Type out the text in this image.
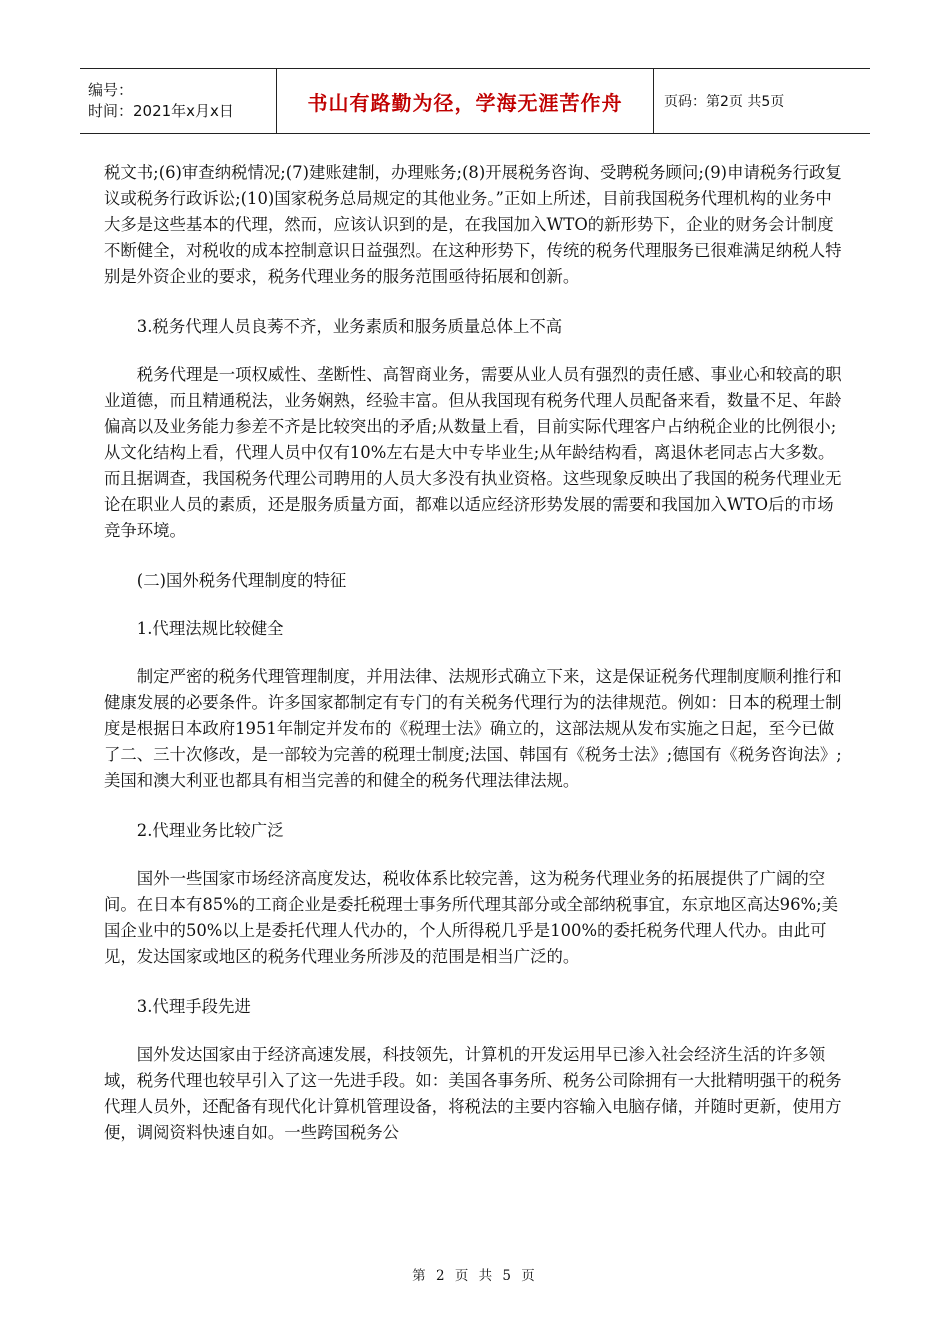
编号：
时间：2021年x月x日	书山有路勤为径，学海无涯苦作舟	页码：第2页 共5页

税文书;(6)审查纳税情况;(7)建账建制，办理账务;(8)开展税务咨询、受聘税务顾问;(9)申请税务行政复议或税务行政诉讼;(10)国家税务总局规定的其他业务。”正如上所述，目前我国税务代理机构的业务中大多是这些基本的代理，然而，应该认识到的是，在我国加入WTO的新形势下，企业的财务会计制度不断健全，对税收的成本控制意识日益强烈。在这种形势下，传统的税务代理服务已很难满足纳税人特别是外资企业的要求，税务代理业务的服务范围亟待拓展和创新。

3.税务代理人员良莠不齐，业务素质和服务质量总体上不高

税务代理是一项权威性、垄断性、高智商业务，需要从业人员有强烈的责任感、事业心和较高的职业道德，而且精通税法，业务娴熟，经验丰富。但从我国现有税务代理人员配备来看，数量不足、年龄偏高以及业务能力参差不齐是比较突出的矛盾;从数量上看，目前实际代理客户占纳税企业的比例很小;从文化结构上看，代理人员中仅有10%左右是大中专毕业生;从年龄结构看，离退休老同志占大多数。而且据调查，我国税务代理公司聘用的人员大多没有执业资格。这些现象反映出了我国的税务代理业无论在职业人员的素质，还是服务质量方面，都难以适应经济形势发展的需要和我国加入WTO后的市场竞争环境。

(二)国外税务代理制度的特征

1.代理法规比较健全

制定严密的税务代理管理制度，并用法律、法规形式确立下来，这是保证税务代理制度顺利推行和健康发展的必要条件。许多国家都制定有专门的有关税务代理行为的法律规范。例如：日本的税理士制度是根据日本政府1951年制定并发布的《税理士法》确立的，这部法规从发布实施之日起，至今已做了二、三十次修改，是一部较为完善的税理士制度;法国、韩国有《税务士法》;德国有《税务咨询法》;美国和澳大利亚也都具有相当完善的和健全的税务代理法律法规。

2.代理业务比较广泛

国外一些国家市场经济高度发达，税收体系比较完善，这为税务代理业务的拓展提供了广阔的空间。在日本有85%的工商企业是委托税理士事务所代理其部分或全部纳税事宜，东京地区高达96%;美国企业中的50%以上是委托代理人代办的，个人所得税几乎是100%的委托税务代理人代办。由此可见，发达国家或地区的税务代理业务所涉及的范围是相当广泛的。

3.代理手段先进

国外发达国家由于经济高速发展，科技领先，计算机的开发运用早已渗入社会经济生活的许多领域，税务代理也较早引入了这一先进手段。如：美国各事务所、税务公司除拥有一大批精明强干的税务代理人员外，还配备有现代化计算机管理设备，将税法的主要内容输入电脑存储，并随时更新，使用方便，调阅资料快速自如。一些跨国税务公

第 2 页 共 5 页
